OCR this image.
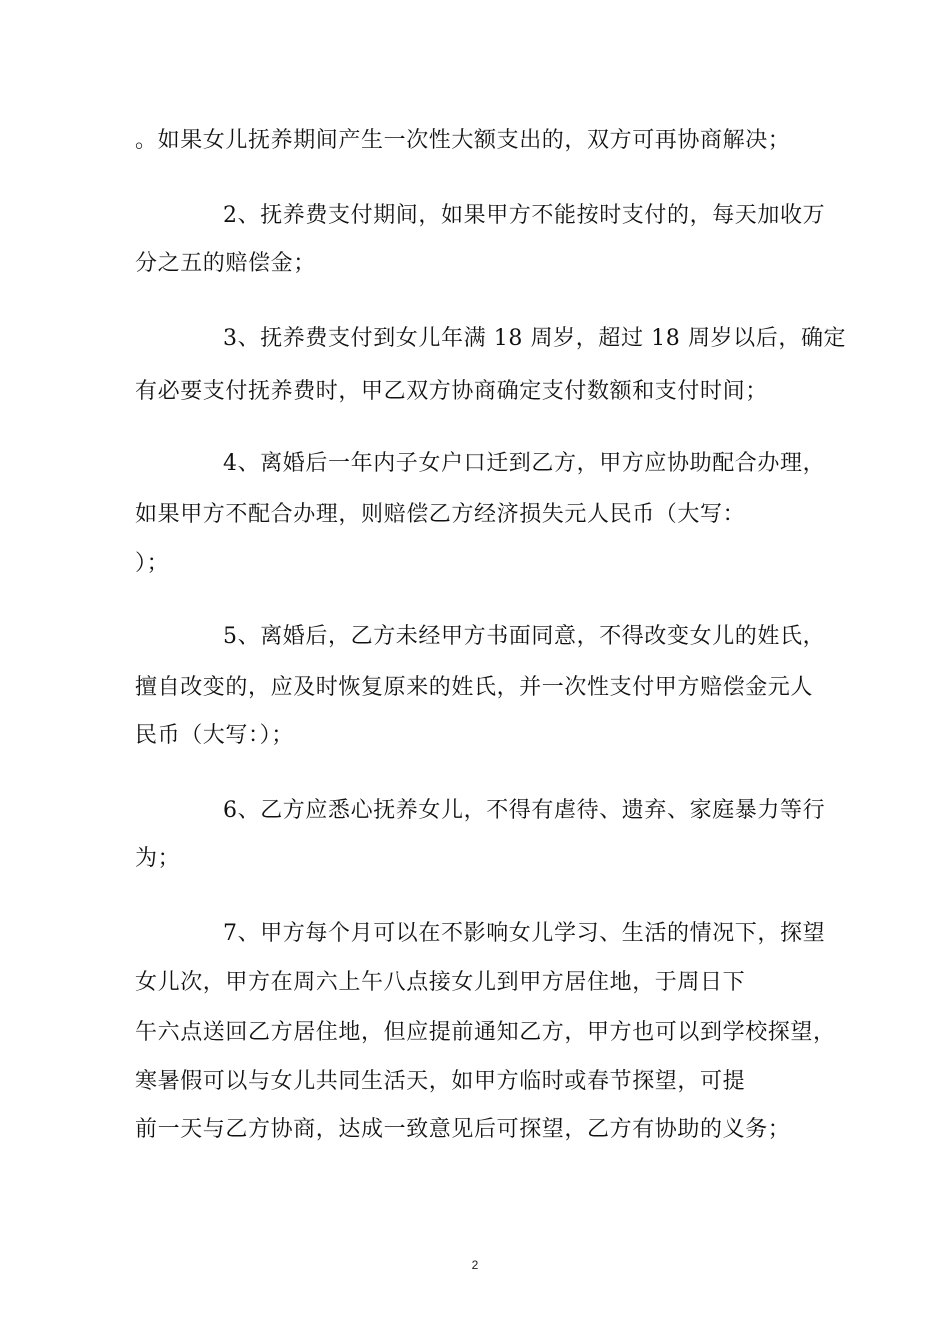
。如果女儿抚养期间产生一次性大额支出的，双方可再协商解决；
2、抚养费支付期间，如果甲方不能按时支付的，每天加收万
分之五的赔偿金；
3、抚养费支付到女儿年满 18 周岁，超过 18 周岁以后，确定
有必要支付抚养费时，甲乙双方协商确定支付数额和支付时间；
4、离婚后一年内子女户口迁到乙方，甲方应协助配合办理，
如果甲方不配合办理，则赔偿乙方经济损失元人民币（大写：
）；
5、离婚后，乙方未经甲方书面同意，不得改变女儿的姓氏，
擅自改变的，应及时恢复原来的姓氏，并一次性支付甲方赔偿金元人
民币（大写：）；
6、乙方应悉心抚养女儿，不得有虐待、遗弃、家庭暴力等行
为；
7、甲方每个月可以在不影响女儿学习、生活的情况下，探望
女儿次，甲方在周六上午八点接女儿到甲方居住地，于周日下
午六点送回乙方居住地，但应提前通知乙方，甲方也可以到学校探望，
寒暑假可以与女儿共同生活天，如甲方临时或春节探望，可提
前一天与乙方协商，达成一致意见后可探望，乙方有协助的义务；
2
